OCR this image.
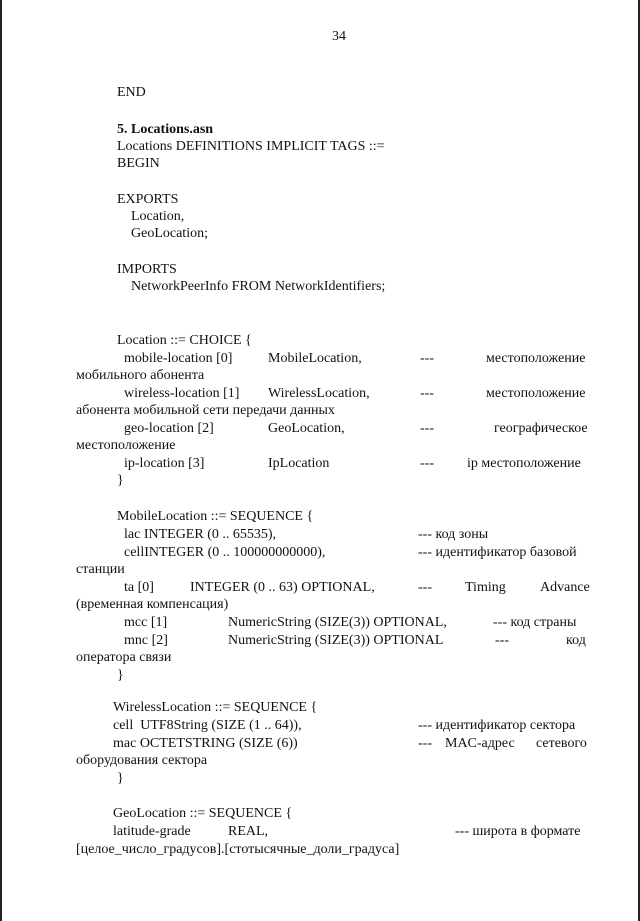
34
END
5. Locations.asn
Locations DEFINITIONS IMPLICIT TAGS ::=
BEGIN
EXPORTS
Location,
GeoLocation;
IMPORTS
NetworkPeerInfo FROM NetworkIdentifiers;
Location ::= CHOICE {
mobile-location [0]	MobileLocation,	---	местоположение
мобильного абонента
wireless-location [1] WirelessLocation,	---	местоположение
абонента мобильной сети передачи данных
geo-location [2]	GeoLocation,	---	географическое
местоположение
ip-location [3]	IpLocation	--- ip местоположение
}
MobileLocation ::= SEQUENCE {
lac INTEGER (0 .. 65535),	--- код зоны
cellINTEGER (0 .. 100000000000),	--- идентификатор базовой
станции
ta [0]	INTEGER (0 .. 63) OPTIONAL,	--- Timing Advance
(временная компенсация)
mcc [1]	NumericString (SIZE(3)) OPTIONAL,	--- код страны
mnc [2]	NumericString (SIZE(3)) OPTIONAL	---	код
оператора связи
}
WirelessLocation ::= SEQUENCE {
cell  UTF8String (SIZE (1 .. 64)),	--- идентификатор сектора
mac OCTETSTRING (SIZE (6))	--- MAC-адрес сетевого
оборудования сектора
}
GeoLocation ::= SEQUENCE {
latitude-grade	REAL,	--- широта в формате
[целое_число_градусов].[стотысячные_доли_градуса]
